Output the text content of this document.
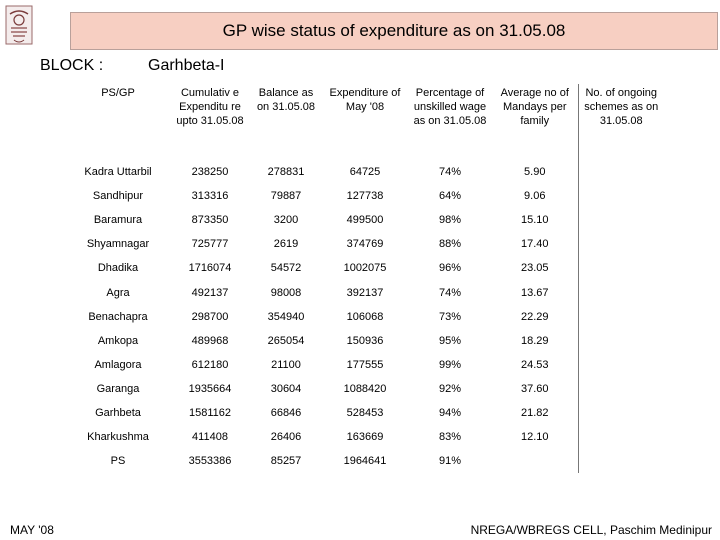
GP wise status of expenditure as on 31.05.08
BLOCK :	Garhbeta-I
PS/GP	Cumulativ e Expenditu re upto 31.05.08	Balance as on 31.05.08	Expenditure of May '08	Percentage of unskilled wage as on 31.05.08	Average no of Mandays per family	No. of ongoing schemes as on 31.05.08
Kadra Uttarbil	238250	278831	64725	74%	5.90	
Sandhipur	313316	79887	127738	64%	9.06	
Baramura	873350	3200	499500	98%	15.10	
Shyamnagar	725777	2619	374769	88%	17.40	
Dhadika	1716074	54572	1002075	96%	23.05	
Agra	492137	98008	392137	74%	13.67	
Benachapra	298700	354940	106068	73%	22.29	
Amkopa	489968	265054	150936	95%	18.29	
Amlagora	612180	21100	177555	99%	24.53	
Garanga	1935664	30604	1088420	92%	37.60	
Garhbeta	1581162	66846	528453	94%	21.82	
Kharkushma	411408	26406	163669	83%	12.10	
PS	3553386	85257	1964641	91%		
MAY '08	NREGA/WBREGS CELL, Paschim Medinipur
